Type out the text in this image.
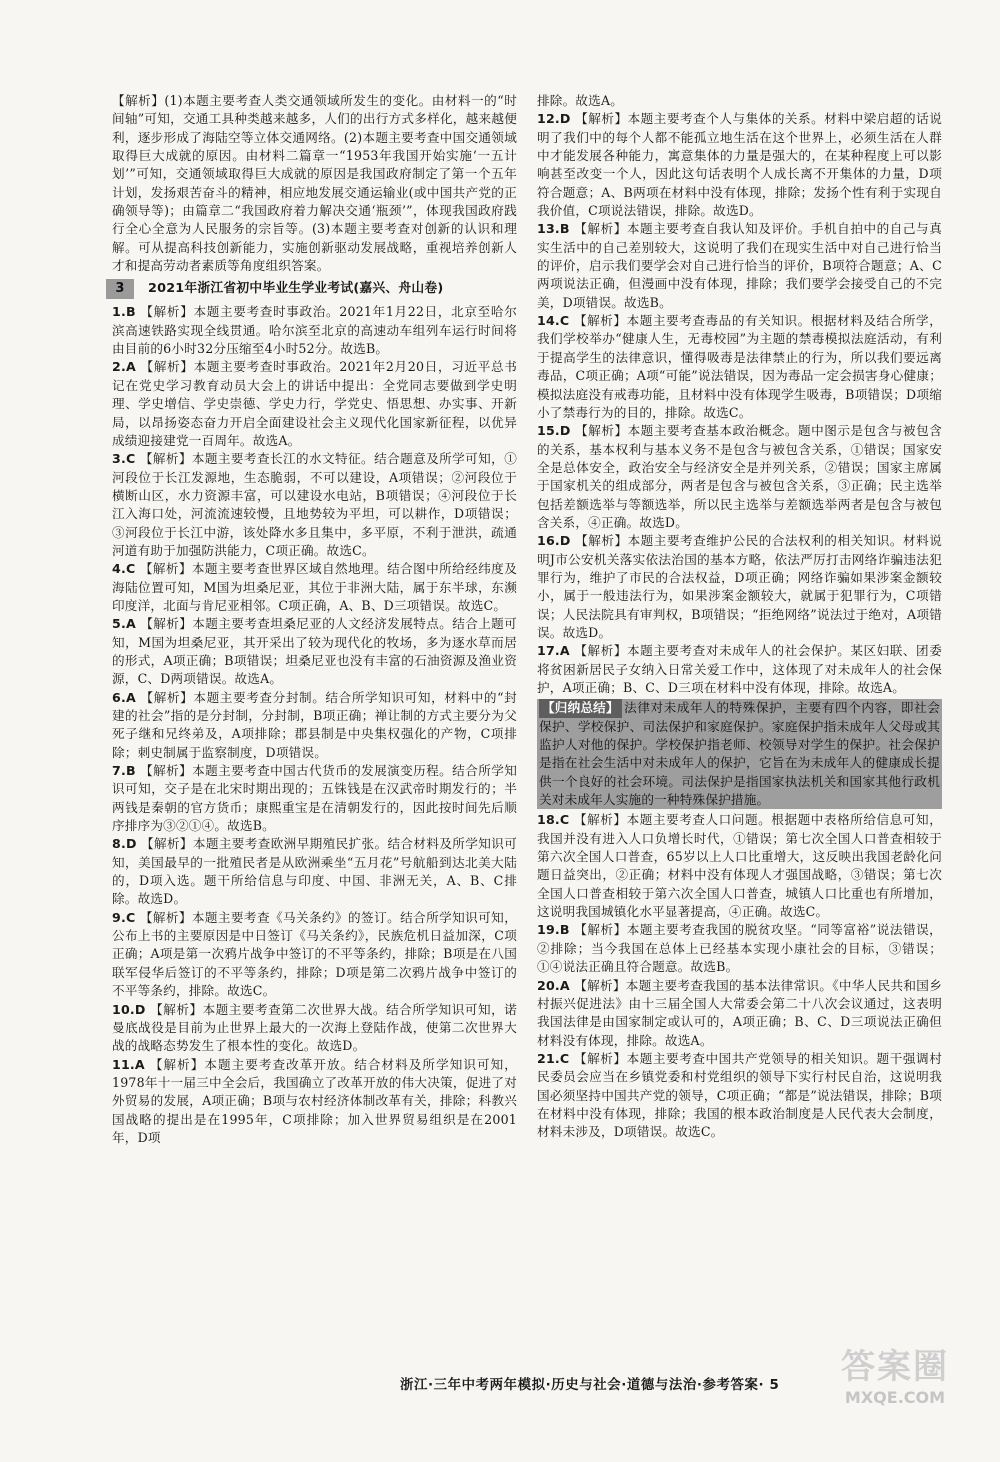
【解析】(1)本题主要考查人类交通领域所发生的变化。由材料一的“时间轴”可知，交通工具种类越来越多，人们的出行方式多样化，越来越便利，逐步形成了海陆空等立体交通网络。(2)本题主要考查中国交通领域取得巨大成就的原因。由材料二篇章一“1953年我国开始实施‘一五计划’”可知，交通领域取得巨大成就的原因是我国政府制定了第一个五年计划，发扬艰苦奋斗的精神，相应地发展交通运输业(或中国共产党的正确领导等)；由篇章二“我国政府着力解决交通‘瓶颈’”，体现我国政府践行全心全意为人民服务的宗旨等。(3)本题主要考查对创新的认识和理解。可从提高科技创新能力，实施创新驱动发展战略，重视培养创新人才和提高劳动者素质等角度组织答案。

3	2021年浙江省初中毕业生学业考试(嘉兴、舟山卷)

1.B 【解析】本题主要考查时事政治。2021年1月22日，北京至哈尔滨高速铁路实现全线贯通。哈尔滨至北京的高速动车组列车运行时间将由目前的6小时32分压缩至4小时52分。故选B。

2.A 【解析】本题主要考查时事政治。2021年2月20日，习近平总书记在党史学习教育动员大会上的讲话中提出：全党同志要做到学史明理、学史增信、学史崇德、学史力行，学党史、悟思想、办实事、开新局，以昂扬姿态奋力开启全面建设社会主义现代化国家新征程，以优异成绩迎接建党一百周年。故选A。

3.C 【解析】本题主要考查长江的水文特征。结合题意及所学可知，①河段位于长江发源地，生态脆弱，不可以建设，A项错误；②河段位于横断山区，水力资源丰富，可以建设水电站，B项错误；④河段位于长江入海口处，河流流速较慢，且地势较为平坦，可以耕作，D项错误；③河段位于长江中游，该处降水多且集中，多平原，不利于泄洪，疏通河道有助于加强防洪能力，C项正确。故选C。

4.C 【解析】本题主要考查世界区域自然地理。结合图中所给经纬度及海陆位置可知，M国为坦桑尼亚，其位于非洲大陆，属于东半球，东濒印度洋，北面与肯尼亚相邻。C项正确，A、B、D三项错误。故选C。

5.A 【解析】本题主要考查坦桑尼亚的人文经济发展特点。结合上题可知，M国为坦桑尼亚，其开采出了较为现代化的牧场，多为逐水草而居的形式，A项正确；B项错误；坦桑尼亚也没有丰富的石油资源及渔业资源，C、D两项错误。故选A。

6.A 【解析】本题主要考查分封制。结合所学知识可知，材料中的“封建的社会”指的是分封制，分封制，B项正确；禅让制的方式主要分为父死子继和兄终弟及，A项排除；郡县制是中央集权强化的产物，C项排除；刺史制属于监察制度，D项错误。

7.B 【解析】本题主要考查中国古代货币的发展演变历程。结合所学知识可知，交子是在北宋时期出现的；五铢钱是在汉武帝时期发行的；半两钱是秦朝的官方货币；康熙重宝是在清朝发行的，因此按时间先后顺序排序为③②①④。故选B。

8.D 【解析】本题主要考查欧洲早期殖民扩张。结合材料及所学知识可知，美国最早的一批殖民者是从欧洲乘坐“五月花”号航船到达北美大陆的，D项入选。题干所给信息与印度、中国、非洲无关，A、B、C排除。故选D。

9.C 【解析】本题主要考查《马关条约》的签订。结合所学知识可知，公布上书的主要原因是中日签订《马关条约》，民族危机日益加深，C项正确；A项是第一次鸦片战争中签订的不平等条约，排除；B项是在八国联军侵华后签订的不平等条约，排除；D项是第二次鸦片战争中签订的不平等条约，排除。故选C。

10.D 【解析】本题主要考查第二次世界大战。结合所学知识可知，诺曼底战役是目前为止世界上最大的一次海上登陆作战，使第二次世界大战的战略态势发生了根本性的变化。故选D。

11.A 【解析】本题主要考查改革开放。结合材料及所学知识可知，1978年十一届三中全会后，我国确立了改革开放的伟大决策，促进了对外贸易的发展，A项正确；B项与农村经济体制改革有关，排除；科教兴国战略的提出是在1995年，C项排除；加入世界贸易组织是在2001年，D项

排除。故选A。

12.D 【解析】本题主要考查个人与集体的关系。材料中梁启超的话说明了我们中的每个人都不能孤立地生活在这个世界上，必须生活在人群中才能发展各种能力，寓意集体的力量是强大的，在某种程度上可以影响甚至改变一个人，因此这句话表明个人成长离不开集体的力量，D项符合题意；A、B两项在材料中没有体现，排除；发扬个性有利于实现自我价值，C项说法错误，排除。故选D。

13.B 【解析】本题主要考查自我认知及评价。手机自拍中的自己与真实生活中的自己差别较大，这说明了我们在现实生活中对自己进行恰当的评价，启示我们要学会对自己进行恰当的评价，B项符合题意；A、C两项说法正确，但漫画中没有体现，排除；我们要学会接受自己的不完美，D项错误。故选B。

14.C 【解析】本题主要考查毒品的有关知识。根据材料及结合所学，我们学校举办“健康人生，无毒校园”为主题的禁毒模拟法庭活动，有利于提高学生的法律意识，懂得吸毒是法律禁止的行为，所以我们要远离毒品，C项正确；A项“可能”说法错误，因为毒品一定会损害身心健康；模拟法庭没有戒毒功能，且材料中没有体现学生吸毒，B项错误；D项缩小了禁毒行为的目的，排除。故选C。

15.D 【解析】本题主要考查基本政治概念。题中图示是包含与被包含的关系，基本权利与基本义务不是包含与被包含关系，①错误；国家安全是总体安全，政治安全与经济安全是并列关系，②错误；国家主席属于国家机关的组成部分，两者是包含与被包含关系，③正确；民主选举包括差额选举与等额选举，所以民主选举与差额选举两者是包含与被包含关系，④正确。故选D。

16.D 【解析】本题主要考查维护公民的合法权利的相关知识。材料说明J市公安机关落实依法治国的基本方略，依法严厉打击网络诈骗违法犯罪行为，维护了市民的合法权益，D项正确；网络诈骗如果涉案金额较小，属于一般违法行为，如果涉案金额较大，就属于犯罪行为，C项错误；人民法院具有审判权，B项错误；“拒绝网络”说法过于绝对，A项错误。故选D。

17.A 【解析】本题主要考查对未成年人的社会保护。某区妇联、团委将贫困新居民子女纳入日常关爱工作中，这体现了对未成年人的社会保护，A项正确；B、C、D三项在材料中没有体现，排除。故选A。

【归纳总结】 法律对未成年人的特殊保护，主要有四个内容，即社会保护、学校保护、司法保护和家庭保护。家庭保护指未成年人父母或其监护人对他的保护。学校保护指老师、校领导对学生的保护。社会保护是指在社会生活中对未成年人的保护，它旨在为未成年人的健康成长提供一个良好的社会环境。司法保护是指国家执法机关和国家其他行政机关对未成年人实施的一种特殊保护措施。

18.C 【解析】本题主要考查人口问题。根据题中表格所给信息可知，我国并没有进入人口负增长时代，①错误；第七次全国人口普查相较于第六次全国人口普查，65岁以上人口比重增大，这反映出我国老龄化问题日益突出，②正确；材料中没有体现人才强国战略，③错误；第七次全国人口普查相较于第六次全国人口普查，城镇人口比重也有所增加，这说明我国城镇化水平显著提高，④正确。故选C。

19.B 【解析】本题主要考查我国的脱贫攻坚。“同等富裕”说法错误，②排除；当今我国在总体上已经基本实现小康社会的目标，③错误；①④说法正确且符合题意。故选B。

20.A 【解析】本题主要考查我国的基本法律常识。《中华人民共和国乡村振兴促进法》由十三届全国人大常委会第二十八次会议通过，这表明我国法律是由国家制定或认可的，A项正确；B、C、D三项说法正确但材料没有体现，排除。故选A。

21.C 【解析】本题主要考查中国共产党领导的相关知识。题干强调村民委员会应当在乡镇党委和村党组织的领导下实行村民自治，这说明我国必须坚持中国共产党的领导，C项正确；“都是”说法错误，排除；B项在材料中没有体现，排除；我国的根本政治制度是人民代表大会制度，材料未涉及，D项错误。故选C。

浙江·三年中考两年模拟·历史与社会·道德与法治·参考答案· 5	答案圈
MXQE.COM
